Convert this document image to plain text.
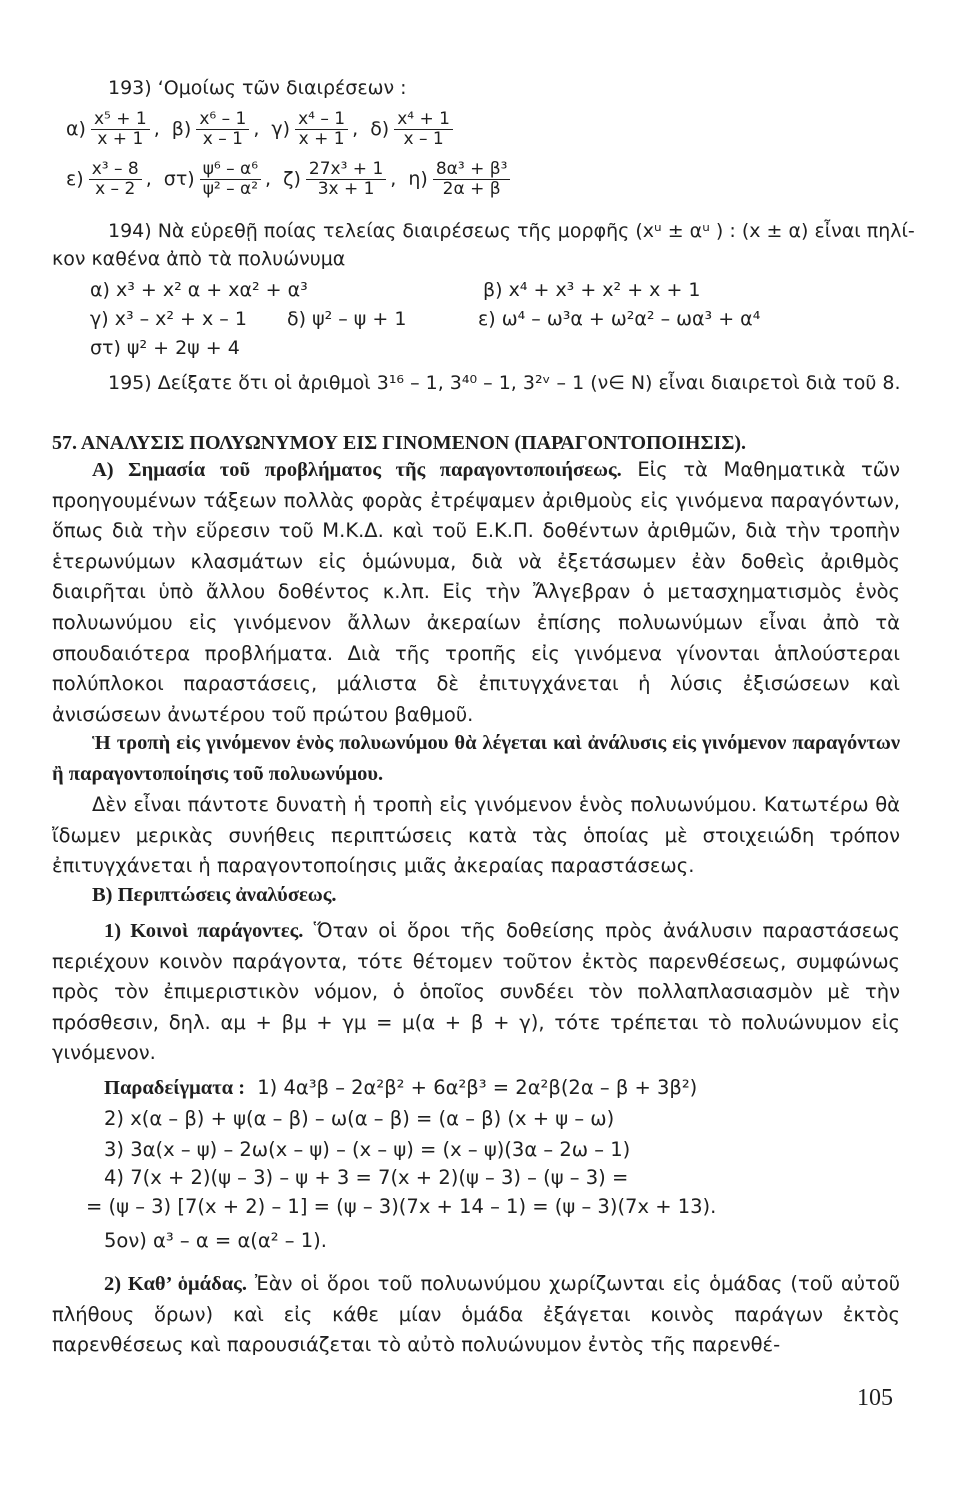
193) ‘Ομοίως τῶν διαιρέσεων :
$\alpha) \frac{\text{x⁵ + 1}}{x + 1}$ , $\beta) \frac{\text{x⁶ – 1}}{x - 1}$ , $\gamma) \frac{\text{x⁴ – 1}}{x + 1}$ , $\delta) \frac{\text{x⁴ + 1}}{x - 1}$
$\varepsilon) \frac{\text{x³ – 8}}{x - 2}$ , $\sigma\tau) \frac{\text{ψ⁶ – α⁶}}{\text{ψ² – α²}}$ , $\zeta) \frac{\text{27x³ + 1}}{3x + 1}$ , $\eta) \frac{\text{8α³ + β³}}{2\alpha + \beta}$
194) Νὰ εὑρεθῇ ποίας τελείας διαιρέσεως τῆς μορφῆς (xᵘ ± αᵘ ) : (x ± α) εἶναι πηλί-
κον καθένα ἀπὸ τὰ πολυώνυμα
α) x³ + x² α + xα² + α³	β) x⁴ + x³ + x² + x + 1
γ) x³ – x² + x – 1 δ) ψ² – ψ + 1	ε) ω⁴ – ω³α + ω²α² – ωα³ + α⁴
στ) ψ² + 2ψ + 4
195) Δείξατε ὅτι οἱ ἀριθμοὶ 3¹⁶ – 1, 3⁴⁰ – 1, 3²ᵛ – 1 (ν∈ N) εἶναι διαιρετοὶ διὰ τοῦ 8.
57. ΑΝΑΛΥΣΙΣ ΠΟΛΥΩΝΥΜΟΥ ΕΙΣ ΓΙΝΟΜΕΝΟΝ (ΠΑΡΑΓΟΝΤΟΠΟΙΗΣΙΣ).
Α) Σημασία τοῦ προβλήματος τῆς παραγοντοποιήσεως. Εἰς τὰ Μαθηματικὰ τῶν προηγουμένων τάξεων πολλὰς φορὰς ἐτρέψαμεν ἀριθμοὺς εἰς γινόμενα παραγόντων, ὅπως διὰ τὴν εὕρεσιν τοῦ Μ.Κ.Δ. καὶ τοῦ Ε.Κ.Π. δοθέντων ἀριθμῶν, διὰ τὴν τροπὴν ἑτερωνύμων κλασμάτων εἰς ὁμώνυμα, διὰ νὰ ἐξετάσωμεν ἐὰν δοθεὶς ἀριθμὸς διαιρῆται ὑπὸ ἄλλου δοθέντος κ.λπ. Εἰς τὴν Ἄλγεβραν ὁ μετασχηματισμὸς ἑνὸς πολυωνύμου εἰς γινόμενον ἄλλων ἀκεραίων ἐπίσης πολυωνύμων εἶναι ἀπὸ τὰ σπουδαιότερα προβλήματα. Διὰ τῆς τροπῆς εἰς γινόμενα γίνονται ἁπλούστεραι πολύπλοκοι παραστάσεις, μάλιστα δὲ ἐπιτυγχάνεται ἡ λύσις ἐξισώσεων καὶ ἀνισώσεων ἀνωτέρου τοῦ πρώτου βαθμοῦ.
Ἡ τροπὴ εἰς γινόμενον ἑνὸς πολυωνύμου θὰ λέγεται καὶ ἀνάλυσις εἰς γινόμενον παραγόντων ἢ παραγοντοποίησις τοῦ πολυωνύμου.
Δὲν εἶναι πάντοτε δυνατὴ ἡ τροπὴ εἰς γινόμενον ἑνὸς πολυωνύμου. Κατωτέρω θὰ ἴδωμεν μερικὰς συνήθεις περιπτώσεις κατὰ τὰς ὁποίας μὲ στοιχειώδη τρόπον ἐπιτυγχάνεται ἡ παραγοντοποίησις μιᾶς ἀκεραίας παραστάσεως.
Β) Περιπτώσεις ἀναλύσεως.
1) Κοινοὶ παράγοντες. Ὅταν οἱ ὅροι τῆς δοθείσης πρὸς ἀνάλυσιν παραστάσεως περιέχουν κοινὸν παράγοντα, τότε θέτομεν τοῦτον ἐκτὸς παρενθέσεως, συμφώνως πρὸς τὸν ἐπιμεριστικὸν νόμον, ὁ ὁποῖος συνδέει τὸν πολλαπλασιασμὸν μὲ τὴν πρόσθεσιν, δηλ. αμ + βμ + γμ = μ(α + β + γ), τότε τρέπεται τὸ πολυώνυμον εἰς γινόμενον.
Παραδείγματα : 1) 4α³β – 2α²β² + 6α²β³ = 2α²β(2α – β + 3β²)
2) x(α – β) + ψ(α – β) – ω(α – β) = (α – β) (x + ψ – ω)
3) 3α(x – ψ) – 2ω(x – ψ) – (x – ψ) = (x – ψ)(3α – 2ω – 1)
4) 7(x + 2)(ψ – 3) – ψ + 3 = 7(x + 2)(ψ – 3) – (ψ – 3) =
= (ψ – 3) [7(x + 2) – 1] = (ψ – 3)(7x + 14 – 1) = (ψ – 3)(7x + 13).
5ον) α³ – α = α(α² – 1).
2) Καθ’ ὁμάδας. Ἐὰν οἱ ὅροι τοῦ πολυωνύμου χωρίζωνται εἰς ὁμάδας (τοῦ αὐτοῦ πλήθους ὅρων) καὶ εἰς κάθε μίαν ὁμάδα ἐξάγεται κοινὸς παράγων ἐκτὸς παρενθέσεως καὶ παρουσιάζεται τὸ αὐτὸ πολυώνυμον ἐντὸς τῆς παρενθέ-
105
